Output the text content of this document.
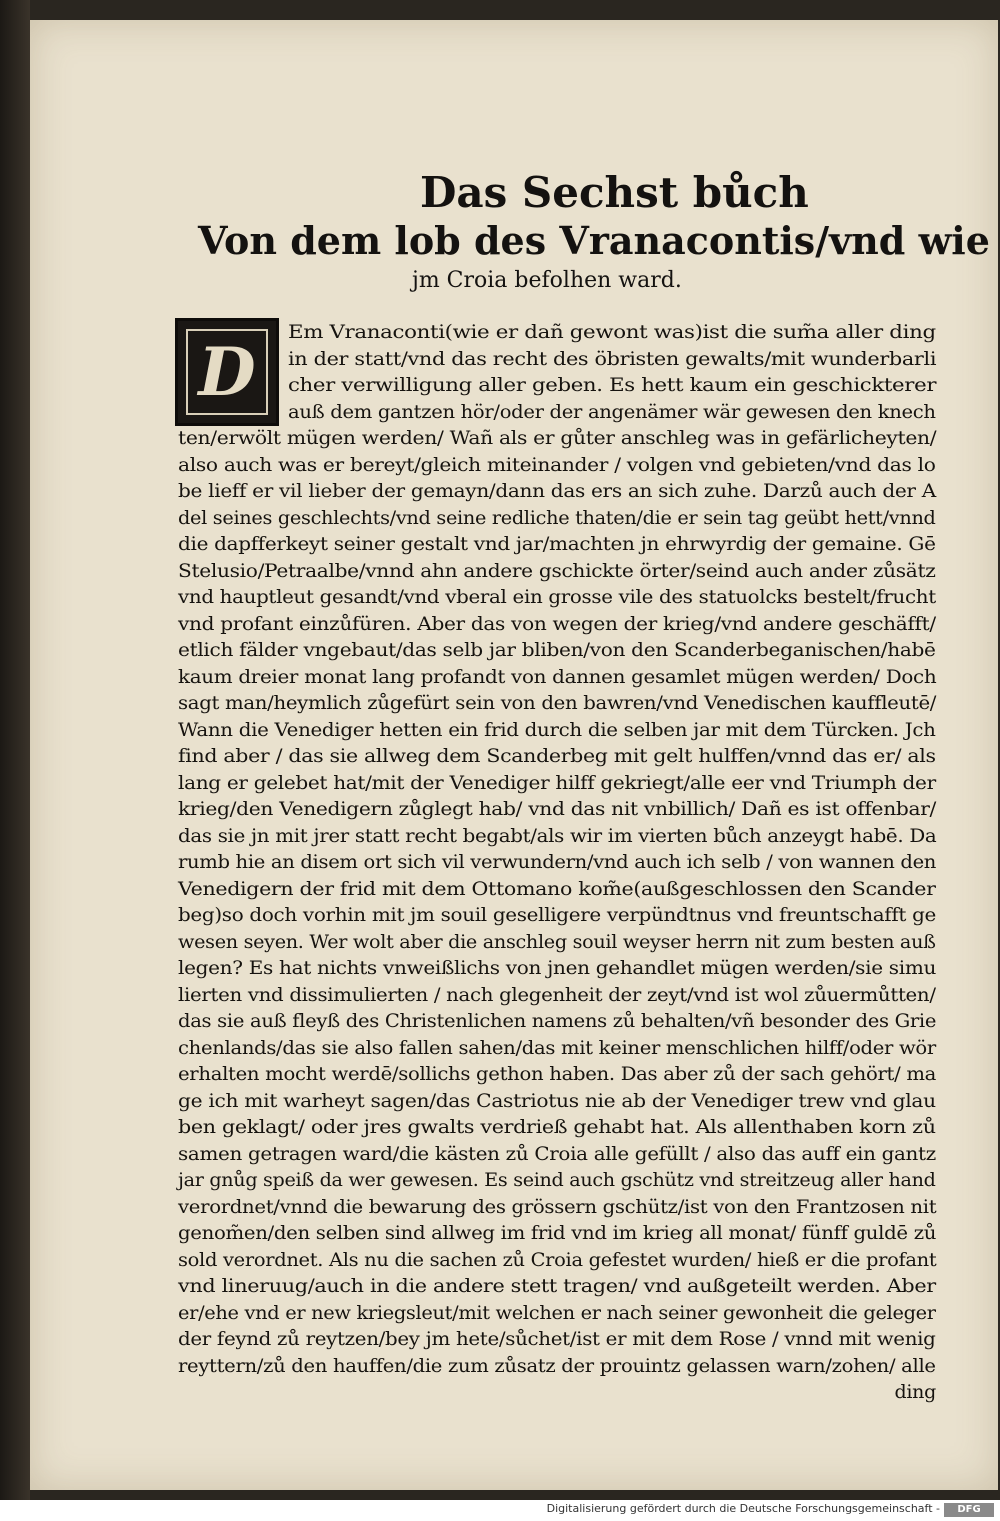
Das Sechst bůch
Von dem lob des Vranacontis/vnd wie
jm Croia befolhen ward.
D
Em Vranaconti(wie er dañ gewont was)ist die sum̃a aller ding
in der statt/vnd das recht des öbristen gewalts/mit wunderbarli
cher verwilligung aller geben. Es hett kaum ein geschickterer
auß dem gantzen hör/oder der angenämer wär gewesen den knech
ten/erwölt mügen werden/ Wañ als er gůter anschleg was in gefärlicheyten/
also auch was er bereyt/gleich miteinander / volgen vnd gebieten/vnd das lo
be lieff er vil lieber der gemayn/dann das ers an sich zuhe. Darzů auch der A
del seines geschlechts/vnd seine redliche thaten/die er sein tag geübt hett/vnnd
die dapfferkeyt seiner gestalt vnd jar/machten jn ehrwyrdig der gemaine. Gē
Stelusio/Petraalbe/vnnd ahn andere gschickte örter/seind auch ander zůsätz
vnd hauptleut gesandt/vnd vberal ein grosse vile des statuolcks bestelt/frucht
vnd profant einzůfüren. Aber das von wegen der krieg/vnd andere geschäfft/
etlich fälder vngebaut/das selb jar bliben/von den Scanderbeganischen/habē
kaum dreier monat lang profandt von dannen gesamlet mügen werden/ Doch
sagt man/heymlich zůgefürt sein von den bawren/vnd Venedischen kauffleutē/
Wann die Venediger hetten ein frid durch die selben jar mit dem Türcken. Jch
find aber / das sie allweg dem Scanderbeg mit gelt hulffen/vnnd das er/ als
lang er gelebet hat/mit der Venediger hilff gekriegt/alle eer vnd Triumph der
krieg/den Venedigern zůglegt hab/ vnd das nit vnbillich/ Dañ es ist offenbar/
das sie jn mit jrer statt recht begabt/als wir im vierten bůch anzeygt habē. Da
rumb hie an disem ort sich vil verwundern/vnd auch ich selb / von wannen den
Venedigern der frid mit dem Ottomano kom̃e(außgeschlossen den Scander
beg)so doch vorhin mit jm souil geselligere verpündtnus vnd freuntschafft ge
wesen seyen. Wer wolt aber die anschleg souil weyser herrn nit zum besten auß
legen? Es hat nichts vnweißlichs von jnen gehandlet mügen werden/sie simu
lierten vnd dissimulierten / nach glegenheit der zeyt/vnd ist wol zůuermůtten/
das sie auß fleyß des Christenlichen namens zů behalten/vñ besonder des Grie
chenlands/das sie also fallen sahen/das mit keiner menschlichen hilff/oder wör
erhalten mocht werdē/sollichs gethon haben. Das aber zů der sach gehört/ ma
ge ich mit warheyt sagen/das Castriotus nie ab der Venediger trew vnd glau
ben geklagt/ oder jres gwalts verdrieß gehabt hat. Als allenthaben korn zů
samen getragen ward/die kästen zů Croia alle gefüllt / also das auff ein gantz
jar gnůg speiß da wer gewesen. Es seind auch gschütz vnd streitzeug aller hand
verordnet/vnnd die bewarung des grössern gschütz/ist von den Frantzosen nit
genom̃en/den selben sind allweg im frid vnd im krieg all monat/ fünff guldē zů
sold verordnet. Als nu die sachen zů Croia gefestet wurden/ hieß er die profant
vnd lineruug/auch in die andere stett tragen/ vnd außgeteilt werden. Aber
er/ehe vnd er new kriegsleut/mit welchen er nach seiner gewonheit die geleger
der feynd zů reytzen/bey jm hete/sůchet/ist er mit dem Rose / vnnd mit wenig
reyttern/zů den hauffen/die zum zůsatz der prouintz gelassen warn/zohen/ alle
ding
Digitalisierung gefördert durch die Deutsche Forschungsgemeinschaft -	DFG
